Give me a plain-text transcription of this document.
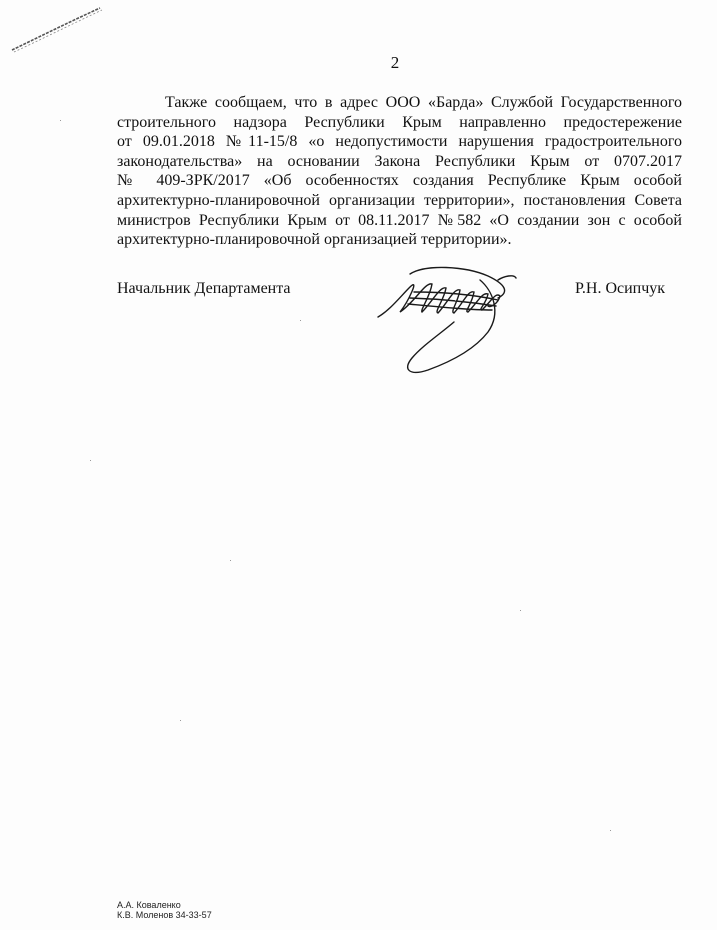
2
Также сообщаем, что в адрес ООО «Барда» Службой Государственного
строительного надзора Республики Крым направленно предостережение
от 09.01.2018 №11-15/8 «о недопустимости нарушения градостроительного
законодательства» на основании Закона Республики Крым от 0707.2017
№ 409-ЗРК/2017 «Об особенностях создания Республике Крым особой
архитектурно-планировочной организации территории», постановления Совета
министров Республики Крым от 08.11.2017 №582 «О создании зон с особой
архитектурно-планировочной организацией территории».
Начальник Департамента	Р.Н. Осипчук
А.А. Коваленко
К.В. Моленов 34-33-57
